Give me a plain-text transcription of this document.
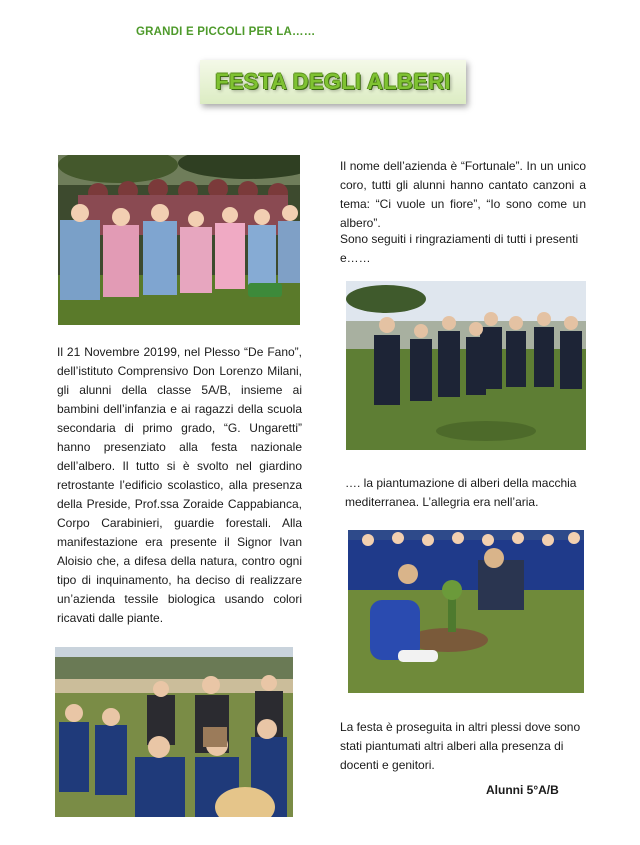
GRANDI E PICCOLI PER LA……
FESTA DEGLI ALBERI
Il 21 Novembre 20199, nel Plesso “De Fano”, dell’istituto Comprensivo Don Lorenzo Milani, gli alunni della classe 5A/B, insieme ai bambini dell’infanzia e ai ragazzi della scuola secondaria di primo grado, “G. Ungaretti” hanno presenziato alla festa nazionale dell’albero. Il tutto si è svolto nel giardino retrostante l’edificio scolastico, alla presenza della Preside, Prof.ssa Zoraide Cappabianca, Corpo Carabinieri, guardie forestali. Alla manifestazione era presente il Signor Ivan Aloisio che, a difesa della natura, contro ogni tipo di inquinamento, ha deciso di realizzare un’azienda tessile biologica usando colori ricavati dalle piante.
Il nome dell’azienda è “Fortunale”. In un unico coro, tutti gli alunni hanno cantato canzoni a tema: “Ci vuole un fiore”, “Io sono come un albero”.
Sono seguiti i ringraziamenti di tutti i presenti e……
…. la piantumazione di alberi della macchia mediterranea. L’allegria era nell’aria.
La festa è proseguita in altri plessi dove sono stati piantumati altri alberi alla presenza di docenti e genitori.
Alunni 5°A/B
